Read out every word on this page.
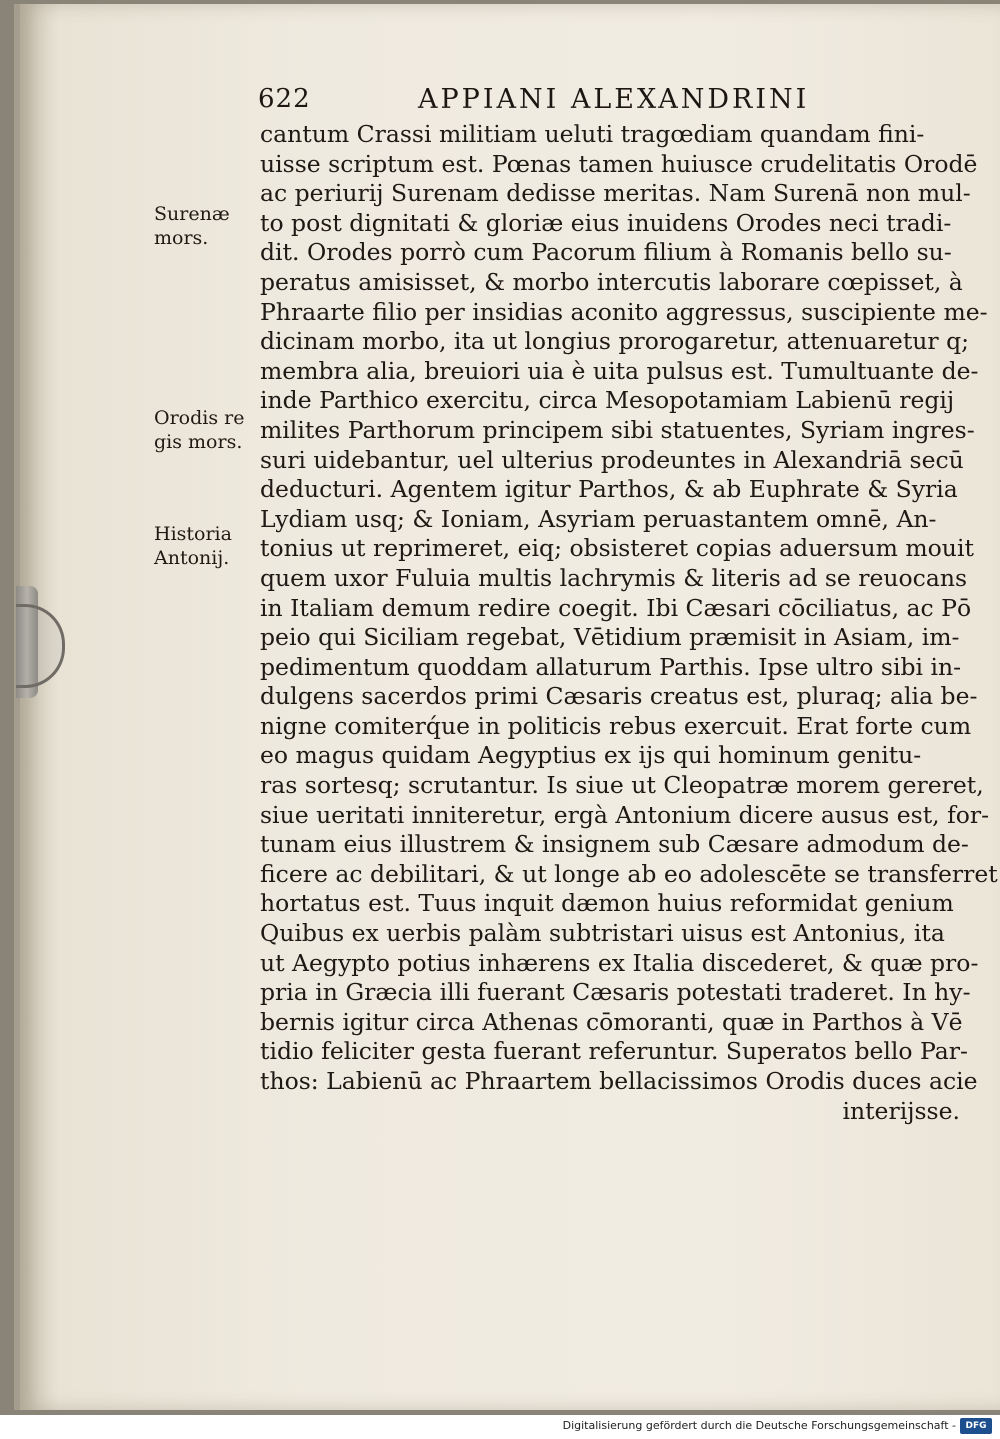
622	APPIANI ALEXANDRINI
Surenæ
mors.
Orodis re
gis mors.
Historia
Antonij.
cantum Crassi militiam ueluti tragœdiam quandam fini-
uisse scriptum est. Pœnas tamen huiusce crudelitatis Orodē
ac periurij Surenam dedisse meritas. Nam Surenā non mul-
to post dignitati & gloriæ eius inuidens Orodes neci tradi-
dit. Orodes porrò cum Pacorum filium à Romanis bello su-
peratus amisisset, & morbo intercutis laborare cœpisset, à
Phraarte filio per insidias aconito aggressus, suscipiente me-
dicinam morbo, ita ut longius prorogaretur, attenuaretur q;
membra alia, breuiori uia è uita pulsus est. Tumultuante de-
inde Parthico exercitu, circa Mesopotamiam Labienū regij
milites Parthorum principem sibi statuentes, Syriam ingres-
suri uidebantur, uel ulterius prodeuntes in Alexandriā secū
deducturi. Agentem igitur Parthos, & ab Euphrate & Syria
Lydiam usq; & Ioniam, Asyriam peruastantem omnē, An-
tonius ut reprimeret, eiq; obsisteret copias aduersum mouit
quem uxor Fuluia multis lachrymis & literis ad se reuocans
in Italiam demum redire coegit. Ibi Cæsari cōciliatus, ac Pō
peio qui Siciliam regebat, Vētidium præmisit in Asiam, im-
pedimentum quoddam allaturum Parthis. Ipse ultro sibi in-
dulgens sacerdos primi Cæsaris creatus est, pluraq; alia be-
nigne comiterq́ue in politicis rebus exercuit. Erat forte cum
eo magus quidam Aegyptius ex ijs qui hominum genitu-
ras sortesq; scrutantur. Is siue ut Cleopatræ morem gereret,
siue ueritati inniteretur, ergà Antonium dicere ausus est, for-
tunam eius illustrem & insignem sub Cæsare admodum de-
ficere ac debilitari, & ut longe ab eo adolescēte se transferret
hortatus est. Tuus inquit dæmon huius reformidat genium
Quibus ex uerbis palàm subtristari uisus est Antonius, ita
ut Aegypto potius inhærens ex Italia discederet, & quæ pro-
pria in Græcia illi fuerant Cæsaris potestati traderet. In hy-
bernis igitur circa Athenas cōmoranti, quæ in Parthos à Vē
tidio feliciter gesta fuerant referuntur. Superatos bello Par-
thos: Labienū ac Phraartem bellacissimos Orodis duces acie
interijsse.
Digitalisierung gefördert durch die Deutsche Forschungsgemeinschaft -	DFG
